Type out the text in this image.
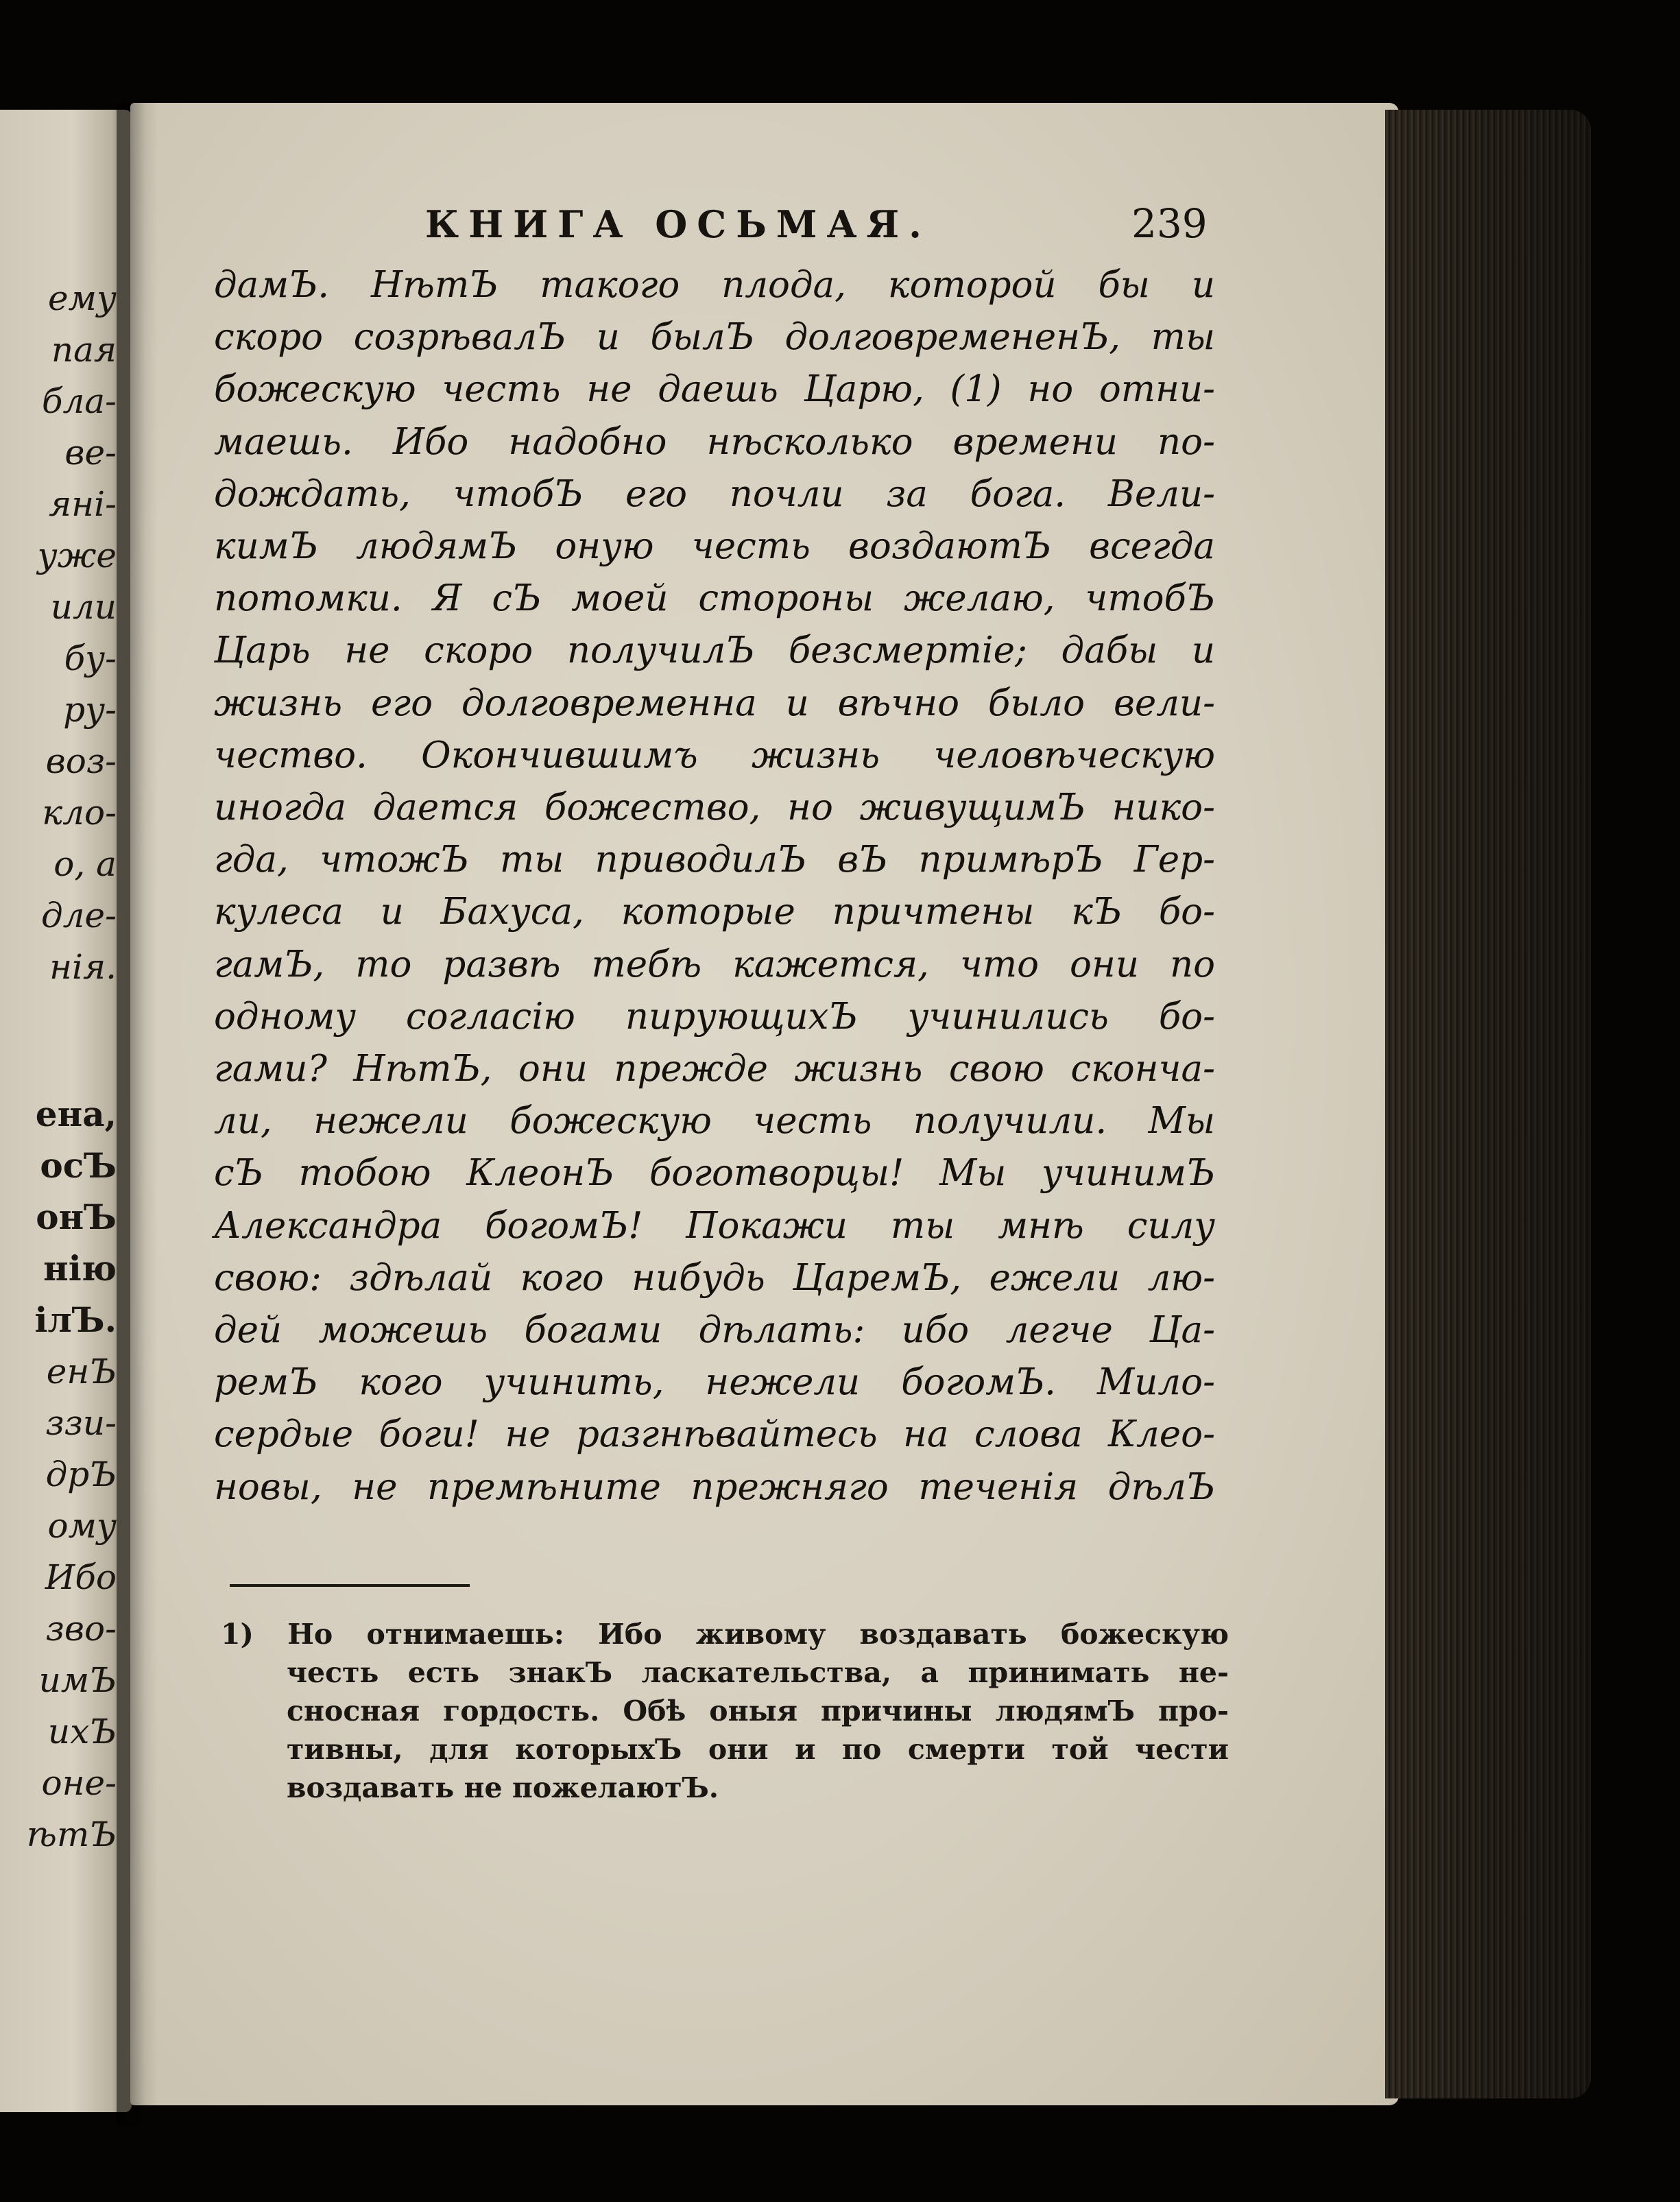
ему
пая
бла-
ве-
янi-
уже
или
бу-
ру-
воз-
кло-
о, а
дле-
нiя.
ена,
осЪ
онЪ
нiю
ілЪ.
енЪ
ззи-
дрЪ
ому
Ибо
зво-
имЪ
ихЪ
оне-
ѣтЪ
КНИГА ОСЬМАЯ.	239
дамЪ. НѣтЪ такого плода, которой бы и
скоро созрѣвалЪ и былЪ долговремененЪ, ты
божескую честь не даешь Царю, (1) но отни-
маешь. Ибо надобно нѣсколько времени по-
дождать, чтобЪ его почли за бога. Вели-
кимЪ людямЪ оную честь воздаютЪ всегда
потомки. Я сЪ моей стороны желаю, чтобЪ
Царь не скоро получилЪ безсмертiе; дабы и
жизнь его долговременна и вѣчно было вели-
чество. Окончившимъ жизнь человѣческую
иногда дается божество, но живущимЪ нико-
гда, чтожЪ ты приводилЪ вЪ примѣрЪ Гер-
кулеса и Бахуса, которые причтены кЪ бо-
гамЪ, то развѣ тебѣ кажется, что они по
одному согласiю пирующихЪ учинились бо-
гами? НѣтЪ, они прежде жизнь свою сконча-
ли, нежели божескую честь получили. Мы
сЪ тобою КлеонЪ боготворцы! Мы учинимЪ
Александра богомЪ! Покажи ты мнѣ силу
свою: здѣлай кого нибудь ЦаремЪ, ежели лю-
дей можешь богами дѣлать: ибо легче Ца-
ремЪ кого учинить, нежели богомЪ. Мило-
сердые боги! не разгнѣвайтесь на слова Клео-
новы, не премѣните прежняго теченiя дѣлЪ
1) Но отнимаешь: Ибо живому воздавать божескую
честь есть знакЪ ласкательства, а принимать не-
сносная гордость. Обѣ оныя причины людямЪ про-
тивны, для которыхЪ они и по смерти той чести
воздавать не пожелаютЪ.
